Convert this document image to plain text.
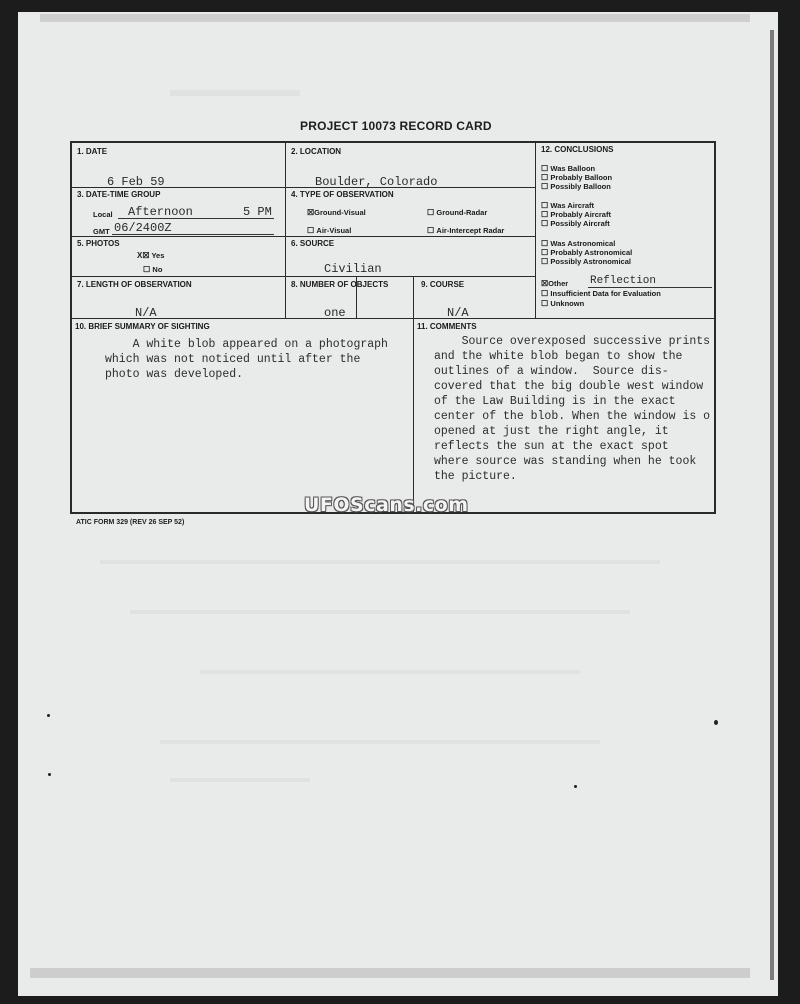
PROJECT 10073 RECORD CARD
1. DATE
6 Feb 59
2. LOCATION
Boulder, Colorado
3. DATE-TIME GROUP
Local Afternoon	5 PM
GMT 06/2400Z
4. TYPE OF OBSERVATION
☒Ground-Visual	☐ Ground-Radar
☐ Air-Visual	☐ Air-Intercept Radar
5. PHOTOS
X☒ Yes
☐ No
6. SOURCE
Civilian
7. LENGTH OF OBSERVATION
N/A
8. NUMBER OF OBJECTS
one
9. COURSE
N/A
12. CONCLUSIONS
☐ Was Balloon
☐ Probably Balloon
☐ Possibly Balloon
☐ Was Aircraft
☐ Probably Aircraft
☐ Possibly Aircraft
☐ Was Astronomical
☐ Probably Astronomical
☐ Possibly Astronomical
☒Other Reflection
☐ Insufficient Data for Evaluation
☐ Unknown
10. BRIEF SUMMARY OF SIGHTING
A white blob appeared on a photograph
which was not noticed until after the
photo was developed.
11. COMMENTS
Source overexposed successive prints
and the white blob began to show the
outlines of a window.  Source dis-
covered that the big double west window
of the Law Building is in the exact
center of the blob. When the window is o
opened at just the right angle, it
reflects the sun at the exact spot
where source was standing when he took
the picture.
ATIC FORM 329 (REV 26 SEP 52)
UFOScans.com
